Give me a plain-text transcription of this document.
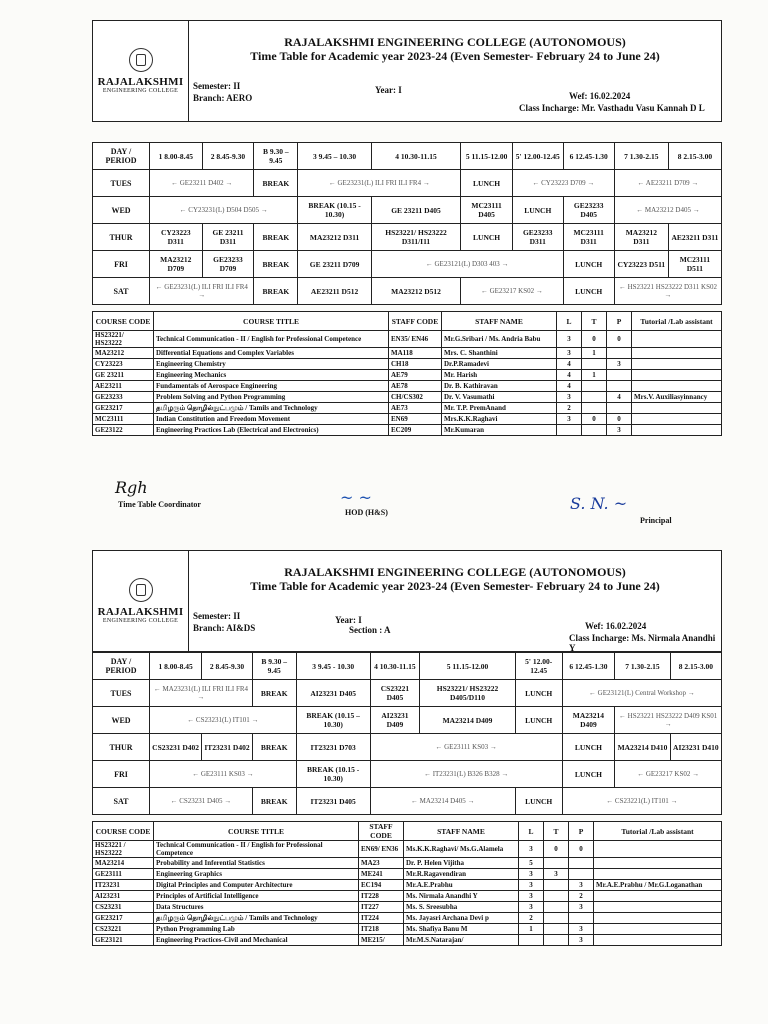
RAJALAKSHMI
ENGINEERING COLLEGE
RAJALAKSHMI ENGINEERING COLLEGE (AUTONOMOUS)
Time Table for Academic year 2023-24 (Even Semester- February 24 to June 24)
Semester: II
Branch: AERO
Year: I
Wef: 16.02.2024
Class Incharge: Mr. Vasthadu Vasu Kannah D L
DAY / PERIOD	1 8.00-8.45	2 8.45-9.30	B 9.30 – 9.45	3 9.45 – 10.30	4 10.30-11.15	5 11.15-12.00	5' 12.00-12.45	6 12.45-1.30	7 1.30-2.15	8 2.15-3.00
TUES	← GE23211 D402 →		BREAK	← GE23231(L) ILI FRI ILI FR4 →		LUNCH	← CY23223 D709 →		← AE23211 D709 →	
WED	← CY23231(L) D504 D505 →			BREAK (10.15 - 10.30)	GE 23211 D405	MC23111 D405	LUNCH	GE23233 D405	← MA23212 D405 →	
THUR	CY23223 D311	GE 23211 D311	BREAK	MA23212 D311	HS23221/ HS23222 D311/I11	LUNCH	GE23233 D311	MC23111 D311	MA23212 D311	AE23211 D311
FRI	MA23212 D709	GE23233 D709	BREAK	GE 23211 D709	← GE23121(L) D303 403 →			LUNCH	CY23223 D511	MC23111 D511
SAT	← GE23231(L) ILI FRI ILI FR4 →		BREAK	AE23211 D512	MA23212 D512	← GE23217 KS02 →		LUNCH	← HS23221 HS23222 D311 KS02 →	
COURSE CODE	COURSE TITLE	STAFF CODE	STAFF NAME	L	T	P	Tutorial /Lab assistant
HS23221/ HS23222	Technical Communication - II / English for Professional Competence	EN35/ EN46	Mr.G.Sribari / Ms. Andria Babu	3	0	0	
MA23212	Differential Equations and Complex Variables	MA118	Mrs. C. Shanthini	3	1		
CY23223	Engineering Chemistry	CH18	Dr.P.Ramadevi	4		3	
GE 23211	Engineering Mechanics	AE79	Mr. Harish	4	1		
AE23211	Fundamentals of Aerospace Engineering	AE78	Dr. B. Kathiravan	4			
GE23233	Problem Solving and Python Programming	CH/CS302	Dr. V. Vasumathi	3		4	Mrs.V. Auxiliasyinnancy
GE23217	தமிழரும் தொழில்நுட்பமும் / Tamils and Technology	AE73	Mr. T.P. PremAnand	2			
MC23111	Indian Constitution and Freedom Movement	EN69	Mrs.K.K.Raghavi	3	0	0	
GE23122	Engineering Practices Lab (Electrical and Electronics)	EC209	Mr.Kumaran			3	
Rgh
Time Table Coordinator	~ ~
HOD (H&S)	S. N. ~
Principal
RAJALAKSHMI
ENGINEERING COLLEGE
RAJALAKSHMI ENGINEERING COLLEGE (AUTONOMOUS)
Time Table for Academic year 2023-24 (Even Semester- February 24 to June 24)
Semester: II
Branch: AI&DS
Year: I
Section : A	Wef: 16.02.2024
Class Incharge: Ms. Nirmala Anandhi Y
DAY / PERIOD	1 8.00-8.45	2 8.45-9.30	B 9.30 – 9.45	3 9.45 - 10.30	4 10.30-11.15	5 11.15-12.00	5' 12.00-12.45	6 12.45-1.30	7 1.30-2.15	8 2.15-3.00
TUES	← MA23231(L) ILI FRI ILI FR4 →		BREAK	AI23231 D405	CS23221 D405	HS23221/ HS23222 D405/D110	LUNCH	← GE23121(L) Central Workshop →		
WED	← CS23231(L) IT101 →			BREAK (10.15 – 10.30)	AI23231 D409	MA23214 D409	LUNCH	MA23214 D409	← HS23221 HS23222 D409 KS01 →	
THUR	CS23231 D402	IT23231 D402	BREAK	IT23231 D703	← GE23111 KS03 →			LUNCH	MA23214 D410	AI23231 D410
FRI	← GE23111 KS03 →			BREAK (10.15 - 10.30)	← IT23231(L) B326 B328 →			LUNCH	← GE23217 KS02 →	
SAT	← CS23231 D405 →		BREAK	IT23231 D405	← MA23214 D405 →		LUNCH	← CS23221(L) IT101 →		
COURSE CODE	COURSE TITLE	STAFF CODE	STAFF NAME	L	T	P	Tutorial /Lab assistant
HS23221 / HS23222	Technical Communication - II / English for Professional Competence	EN69/ EN36	Ms.K.K.Raghavi/ Ms.G.Alamela	3	0	0	
MA23214	Probability and Inferential Statistics	MA23	Dr. P. Helen Vijitha	5			
GE23111	Engineering Graphics	ME241	Mr.R.Ragavendiran	3	3		
IT23231	Digital Principles and Computer Architecture	EC194	Mr.A.E.Prabhu	3		3	Mr.A.E.Prabhu / Mr.G.Loganathan
AI23231	Principles of Artificial Intelligence	IT228	Ms. Nirmala Anandhi Y	3		2	
CS23231	Data Structures	IT227	Ms. S. Sreesubha	3		3	
GE23217	தமிழரும் தொழில்நுட்பமும் / Tamils and Technology	IT224	Ms. Jayasri Archana Devi p	2			
CS23221	Python Programming Lab	IT218	Ms. Shafiya Banu M	1		3	
GE23121	Engineering Practices-Civil and Mechanical	ME215/	Mr.M.S.Natarajan/			3	
